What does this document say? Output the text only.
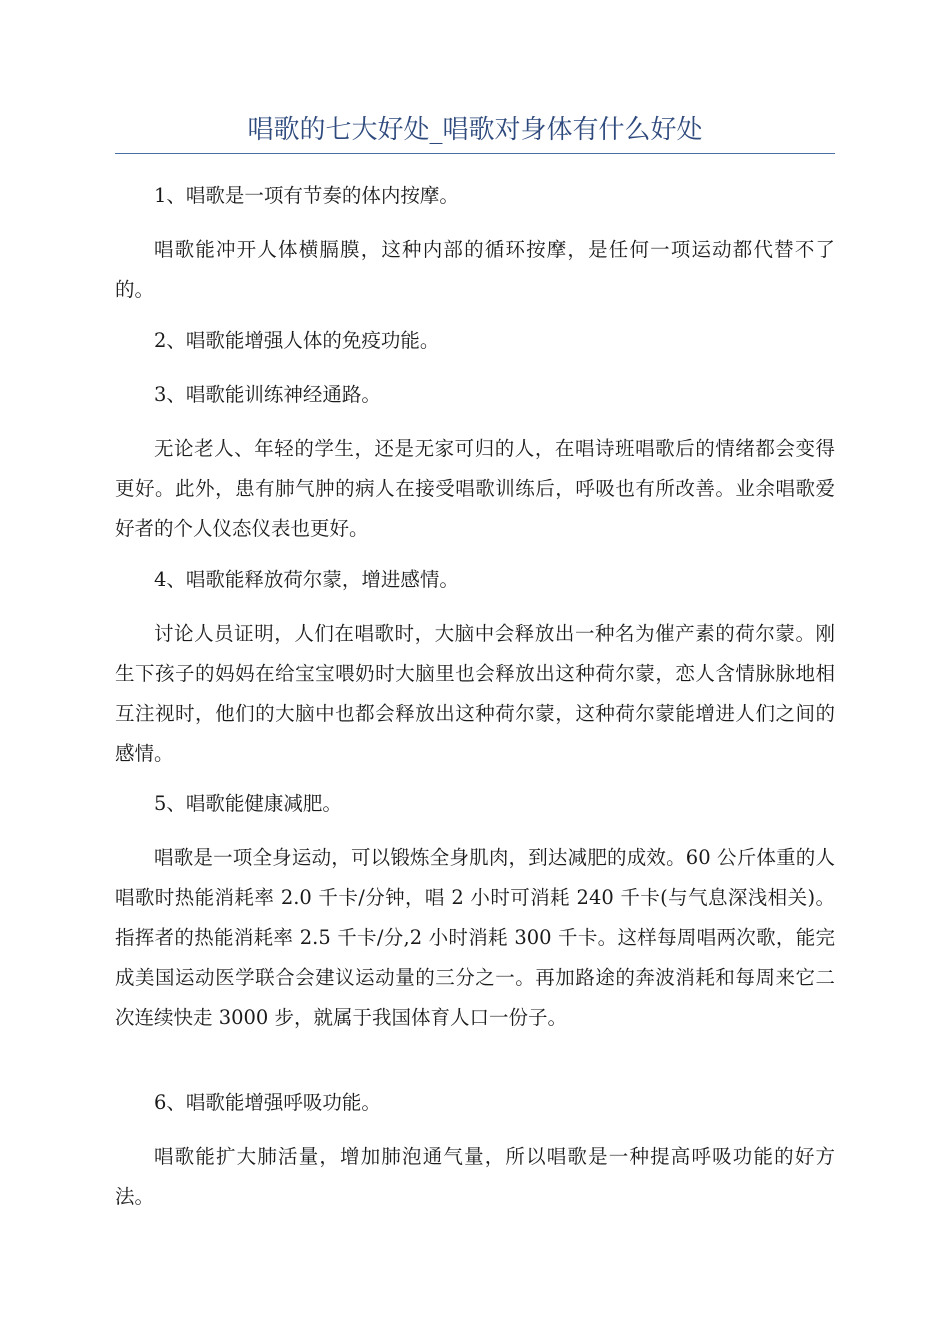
唱歌的七大好处_唱歌对身体有什么好处

1、唱歌是一项有节奏的体内按摩。

唱歌能冲开人体横膈膜，这种内部的循环按摩，是任何一项运动都代替不了的。

2、唱歌能增强人体的免疫功能。

3、唱歌能训练神经通路。

无论老人、年轻的学生，还是无家可归的人，在唱诗班唱歌后的情绪都会变得更好。此外，患有肺气肿的病人在接受唱歌训练后，呼吸也有所改善。业余唱歌爱好者的个人仪态仪表也更好。

4、唱歌能释放荷尔蒙，增进感情。

讨论人员证明，人们在唱歌时，大脑中会释放出一种名为催产素的荷尔蒙。刚生下孩子的妈妈在给宝宝喂奶时大脑里也会释放出这种荷尔蒙，恋人含情脉脉地相互注视时，他们的大脑中也都会释放出这种荷尔蒙，这种荷尔蒙能增进人们之间的感情。

5、唱歌能健康减肥。

唱歌是一项全身运动，可以锻炼全身肌肉，到达减肥的成效。60 公斤体重的人唱歌时热能消耗率 2.0 千卡/分钟，唱 2 小时可消耗 240 千卡(与气息深浅相关)。指挥者的热能消耗率 2.5 千卡/分,2 小时消耗 300 千卡。这样每周唱两次歌，能完成美国运动医学联合会建议运动量的三分之一。再加路途的奔波消耗和每周来它二次连续快走 3000 步，就属于我国体育人口一份子。

6、唱歌能增强呼吸功能。

唱歌能扩大肺活量，增加肺泡通气量，所以唱歌是一种提高呼吸功能的好方法。
